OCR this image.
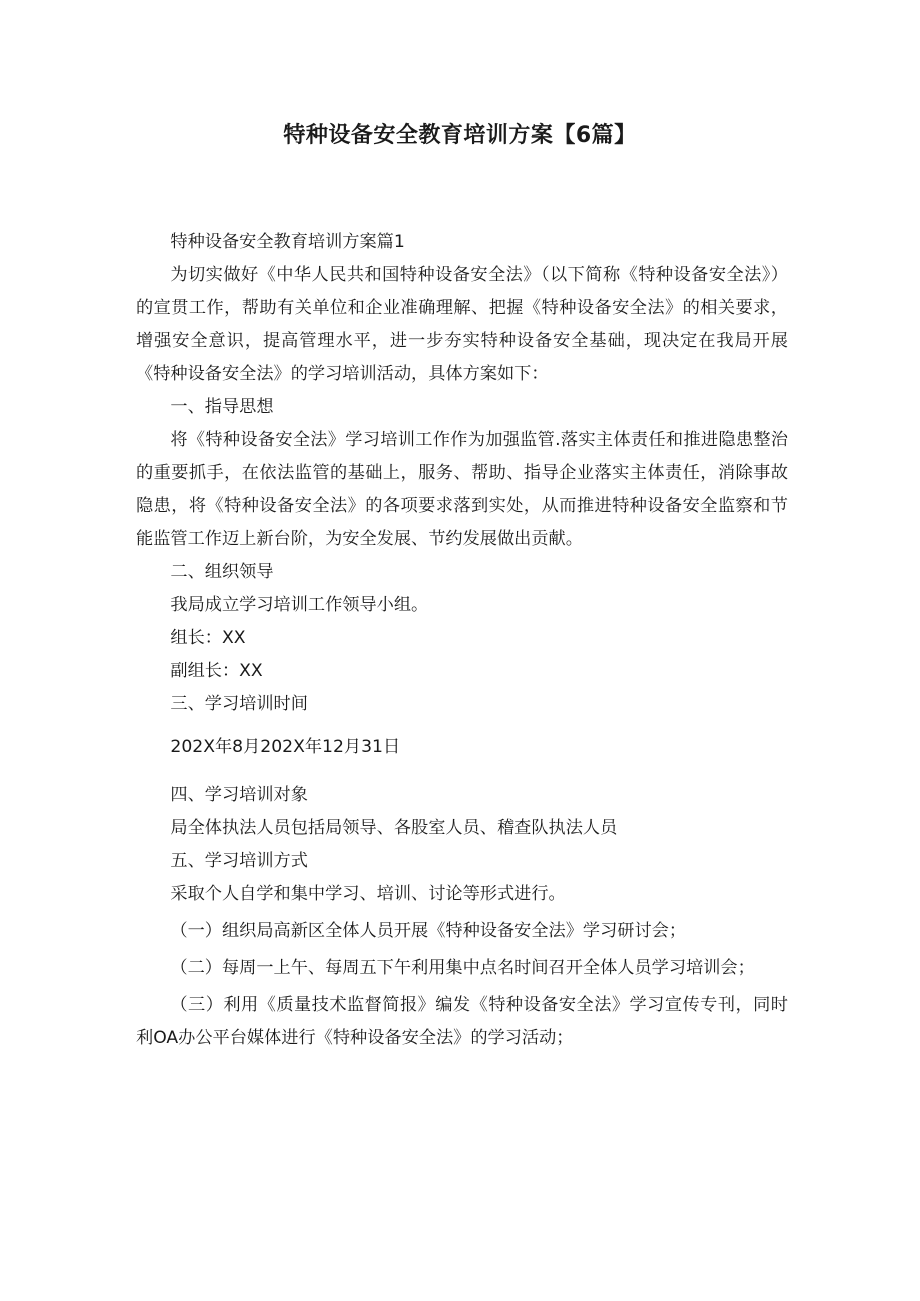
特种设备安全教育培训方案【6篇】

特种设备安全教育培训方案篇1

为切实做好《中华人民共和国特种设备安全法》（以下简称《特种设备安全法》）的宣贯工作，帮助有关单位和企业准确理解、把握《特种设备安全法》的相关要求，增强安全意识，提高管理水平，进一步夯实特种设备安全基础，现决定在我局开展《特种设备安全法》的学习培训活动，具体方案如下：

一、指导思想

将《特种设备安全法》学习培训工作作为加强监管.落实主体责任和推进隐患整治的重要抓手，在依法监管的基础上，服务、帮助、指导企业落实主体责任，消除事故隐患，将《特种设备安全法》的各项要求落到实处，从而推进特种设备安全监察和节能监管工作迈上新台阶，为安全发展、节约发展做出贡献。

二、组织领导

我局成立学习培训工作领导小组。

组长：XX

副组长：XX

三、学习培训时间

202X年8月202X年12月31日

四、学习培训对象

局全体执法人员包括局领导、各股室人员、稽查队执法人员

五、学习培训方式

采取个人自学和集中学习、培训、讨论等形式进行。

（一）组织局高新区全体人员开展《特种设备安全法》学习研讨会；

（二）每周一上午、每周五下午利用集中点名时间召开全体人员学习培训会；

（三）利用《质量技术监督简报》编发《特种设备安全法》学习宣传专刊，同时利OA办公平台媒体进行《特种设备安全法》的学习活动；
